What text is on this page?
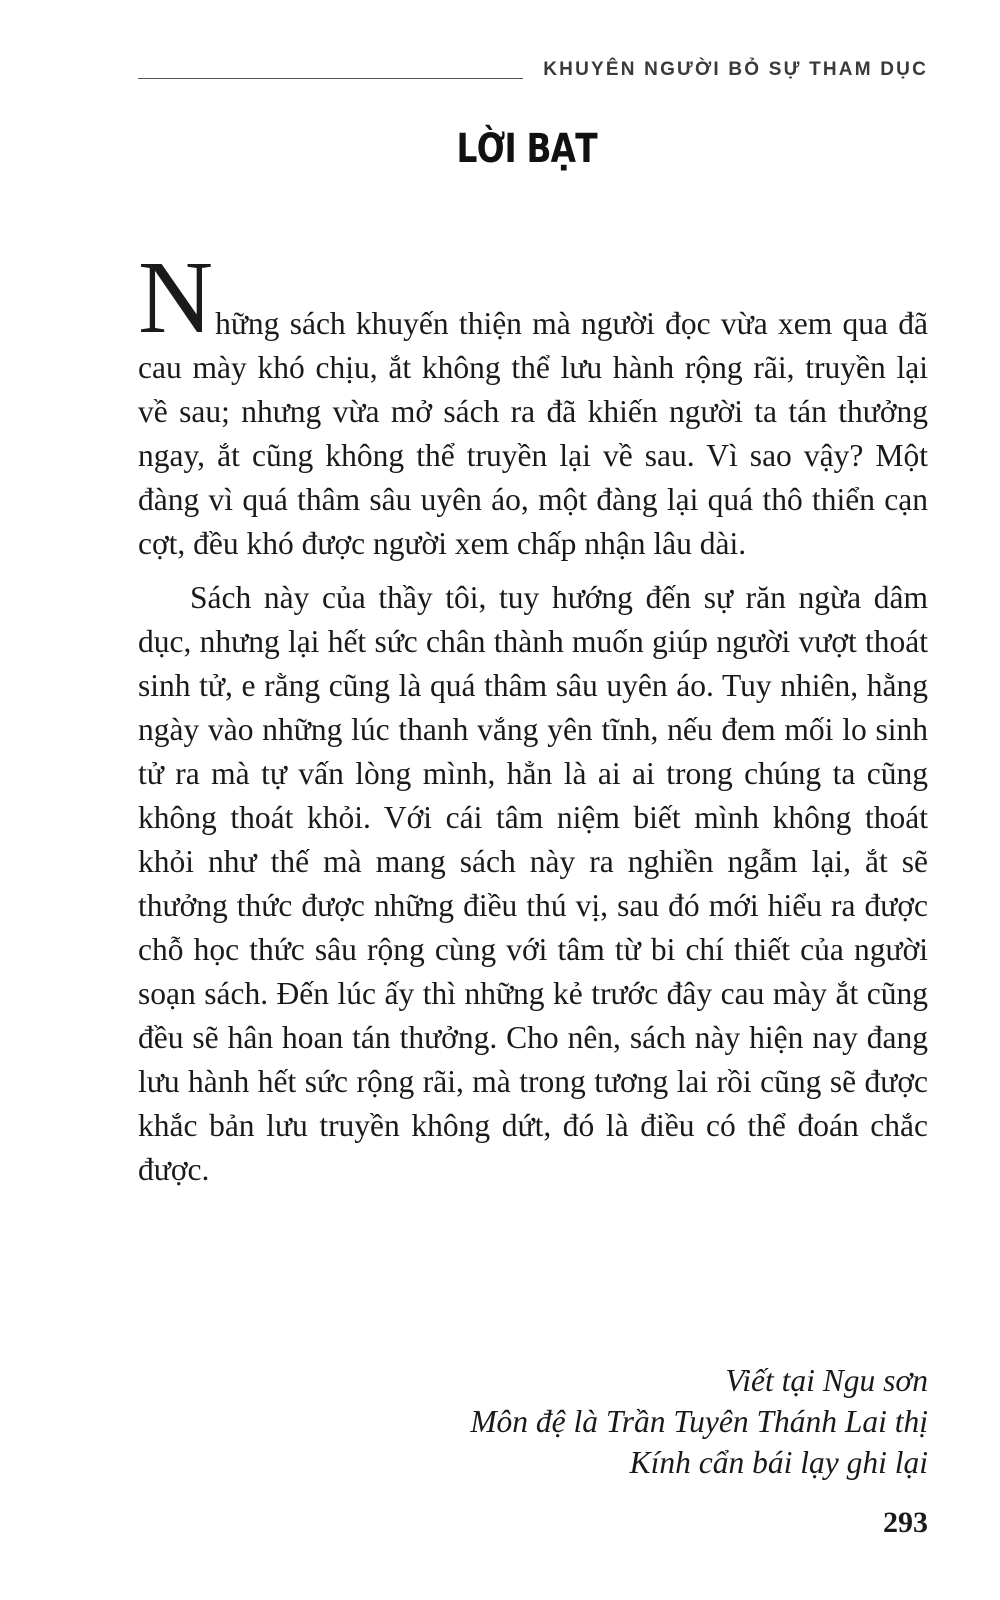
KHUYÊN NGƯỜI BỎ SỰ THAM DỤC
LỜI BẠT

Những sách khuyến thiện mà người đọc vừa xem qua đã cau mày khó chịu, ắt không thể lưu hành rộng rãi, truyền lại về sau; nhưng vừa mở sách ra đã khiến người ta tán thưởng ngay, ắt cũng không thể truyền lại về sau. Vì sao vậy? Một đàng vì quá thâm sâu uyên áo, một đàng lại quá thô thiển cạn cợt, đều khó được người xem chấp nhận lâu dài.

Sách này của thầy tôi, tuy hướng đến sự răn ngừa dâm dục, nhưng lại hết sức chân thành muốn giúp người vượt thoát sinh tử, e rằng cũng là quá thâm sâu uyên áo. Tuy nhiên, hằng ngày vào những lúc thanh vắng yên tĩnh, nếu đem mối lo sinh tử ra mà tự vấn lòng mình, hẳn là ai ai trong chúng ta cũng không thoát khỏi. Với cái tâm niệm biết mình không thoát khỏi như thế mà mang sách này ra nghiền ngẫm lại, ắt sẽ thưởng thức được những điều thú vị, sau đó mới hiểu ra được chỗ học thức sâu rộng cùng với tâm từ bi chí thiết của người soạn sách. Đến lúc ấy thì những kẻ trước đây cau mày ắt cũng đều sẽ hân hoan tán thưởng. Cho nên, sách này hiện nay đang lưu hành hết sức rộng rãi, mà trong tương lai rồi cũng sẽ được khắc bản lưu truyền không dứt, đó là điều có thể đoán chắc được.

Viết tại Ngu sơn
Môn đệ là Trần Tuyên Thánh Lai thị
Kính cẩn bái lạy ghi lại
293
